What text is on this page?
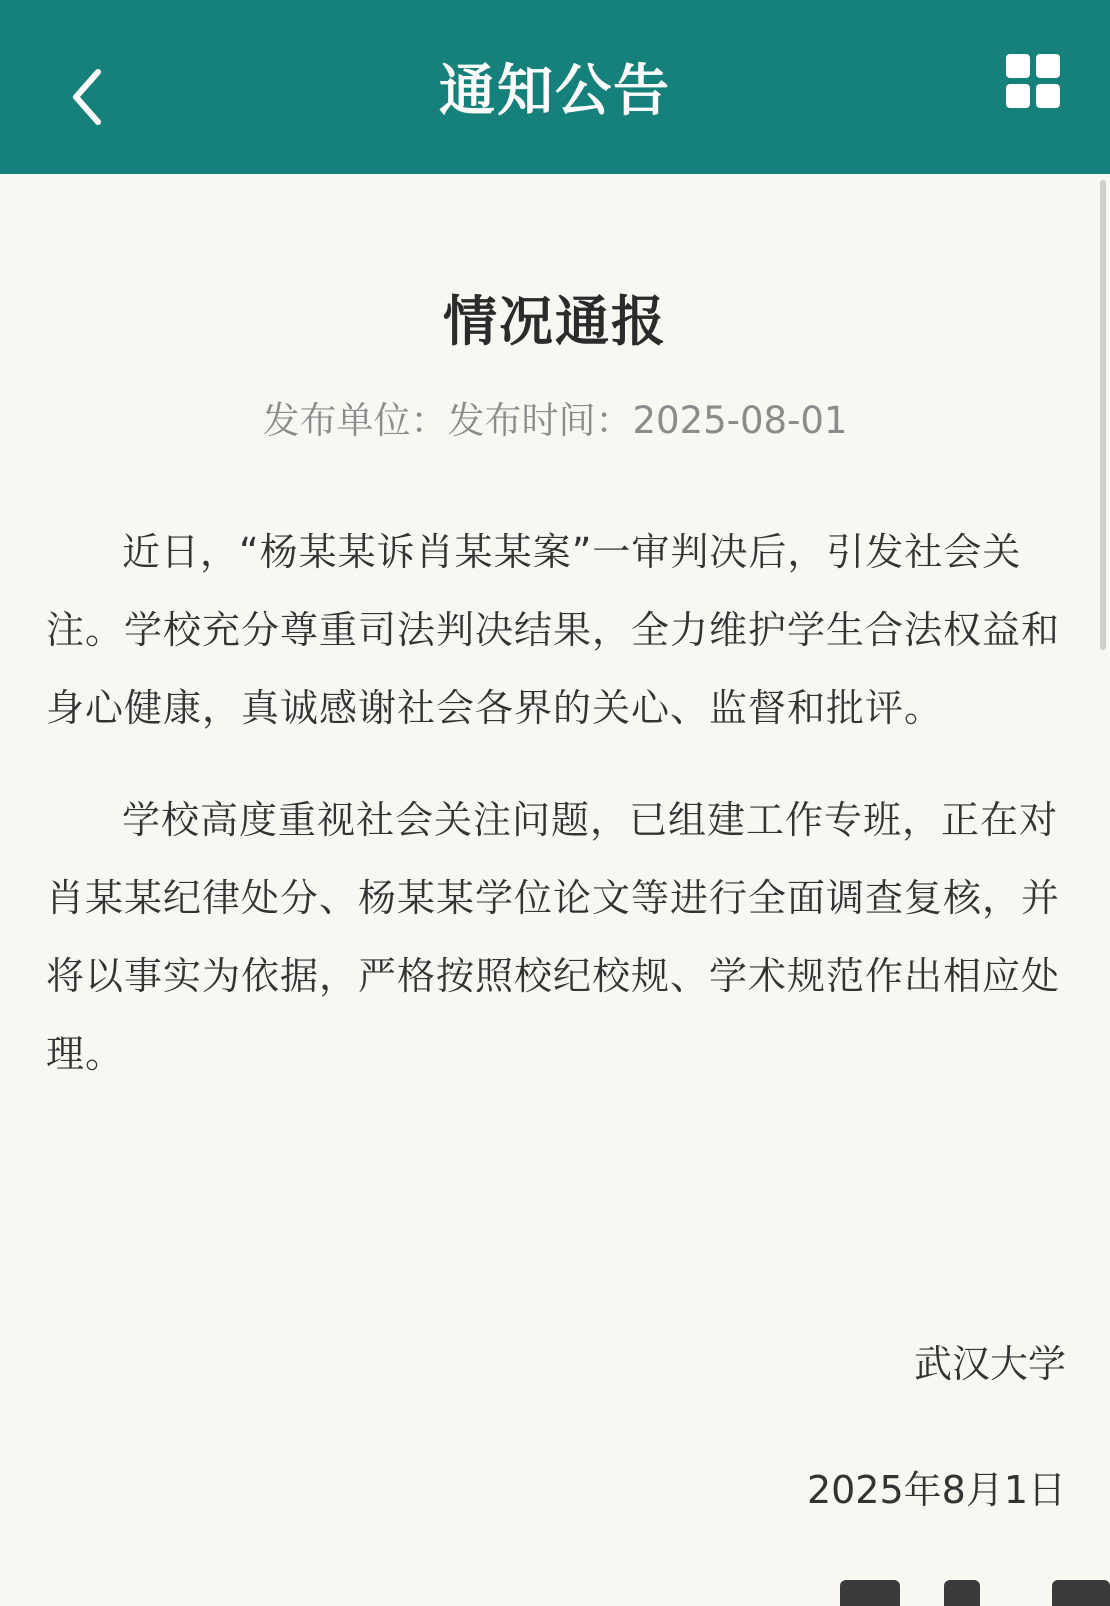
通知公告
情况通报
发布单位：发布时间：2025-08-01

近日，“杨某某诉肖某某案”一审判决后，引发社会关注。学校充分尊重司法判决结果，全力维护学生合法权益和身心健康，真诚感谢社会各界的关心、监督和批评。

学校高度重视社会关注问题，已组建工作专班，正在对肖某某纪律处分、杨某某学位论文等进行全面调查复核，并将以事实为依据，严格按照校纪校规、学术规范作出相应处理。

武汉大学
2025年8月1日
